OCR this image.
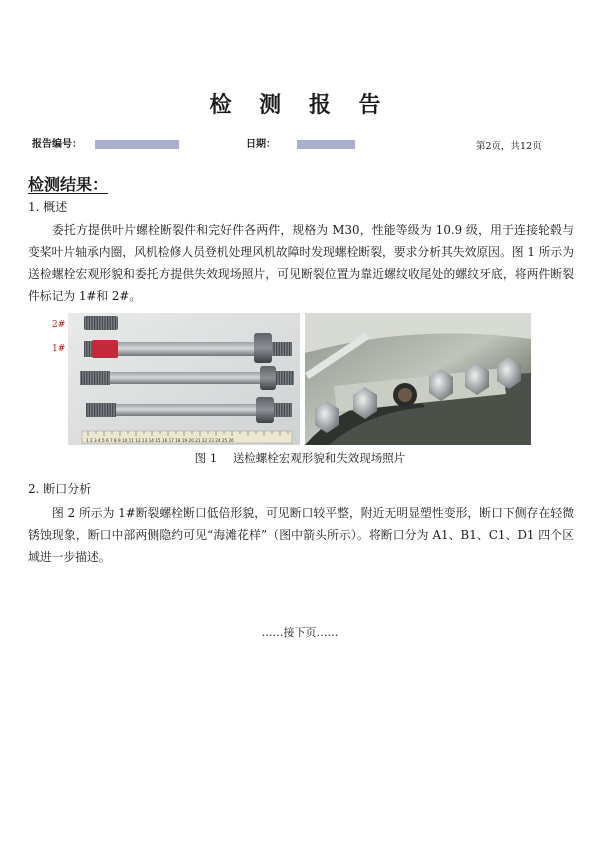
检 测 报 告
报告编号：	日期：	第2页，共12页
检测结果：
1. 概述
委托方提供叶片螺栓断裂件和完好件各两件，规格为 M30，性能等级为 10.9 级，用于连接轮毂与变桨叶片轴承内圈，风机检修人员登机处理风机故障时发现螺栓断裂，要求分析其失效原因。图 1 所示为送检螺栓宏观形貌和委托方提供失效现场照片，可见断裂位置为靠近螺纹收尾处的螺纹牙底，将两件断裂件标记为 1#和 2#。
1 2 3 4 5 6 7 8 9 10 11 12 13 14 15 16 17 18 19 20 21 22 23 24 25 26
2#
1#
图 1 送检螺栓宏观形貌和失效现场照片
2. 断口分析
图 2 所示为 1#断裂螺栓断口低倍形貌，可见断口较平整，附近无明显塑性变形，断口下侧存在轻微锈蚀现象，断口中部两侧隐约可见“海滩花样”（图中箭头所示）。将断口分为 A1、B1、C1、D1 四个区域进一步描述。
……接下页……
